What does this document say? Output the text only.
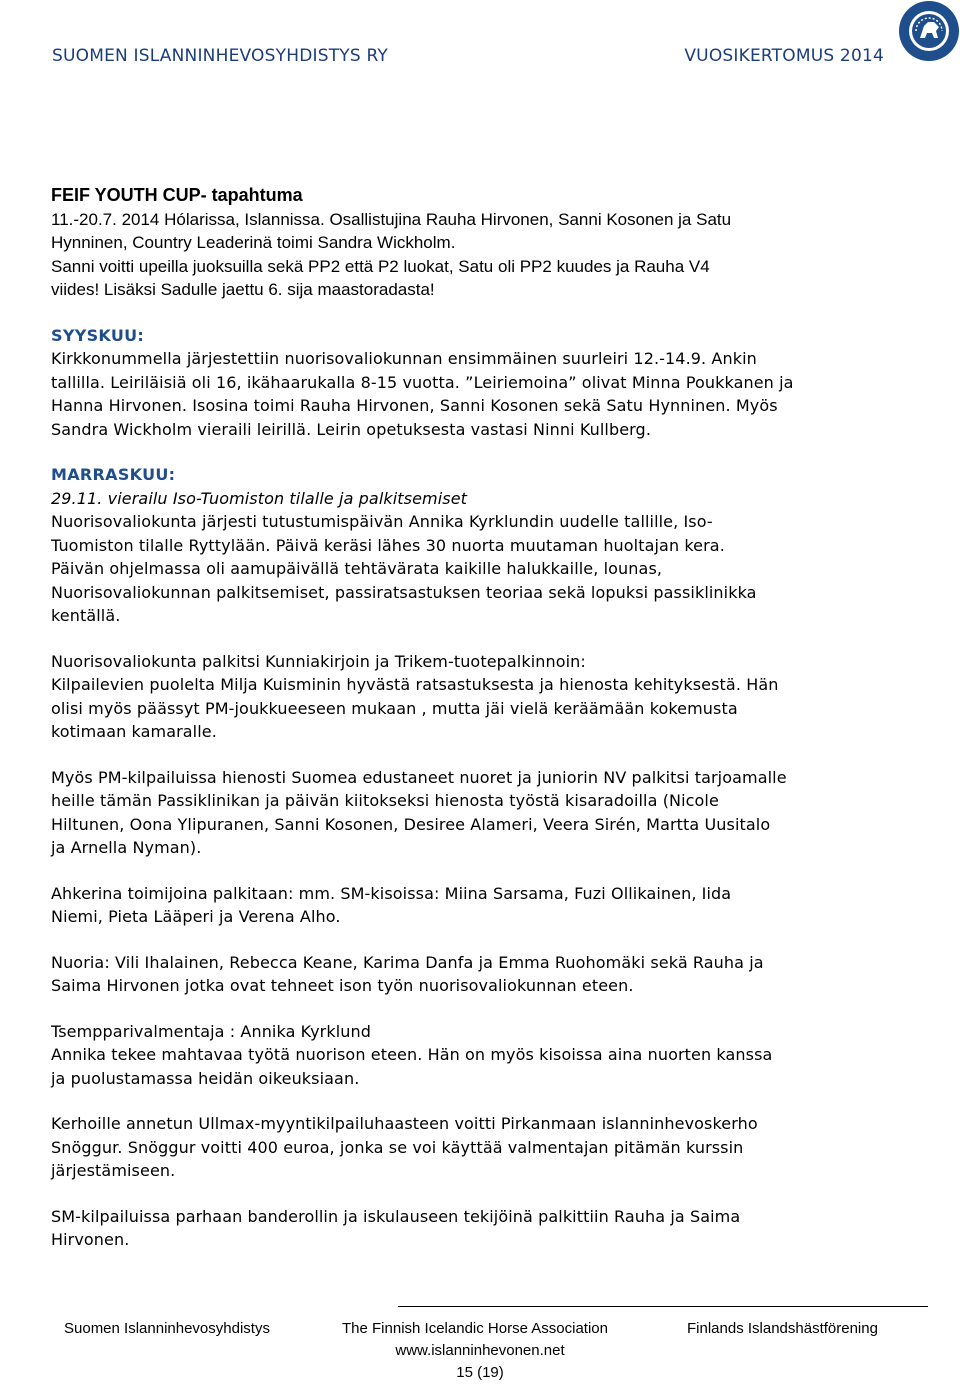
SUOMEN ISLANNINHEVOSYHDISTYS RY	VUOSIKERTOMUS 2014

FEIF YOUTH CUP- tapahtuma

11.-20.7. 2014 Hólarissa, Islannissa. Osallistujina Rauha Hirvonen, Sanni Kosonen ja Satu

Hynninen, Country Leaderinä toimi Sandra Wickholm.

Sanni voitti upeilla juoksuilla sekä PP2 että P2 luokat, Satu oli PP2 kuudes ja Rauha V4

viides! Lisäksi Sadulle jaettu 6. sija maastoradasta!

SYYSKUU:

Kirkkonummella järjestettiin nuorisovaliokunnan ensimmäinen suurleiri 12.-14.9. Ankin

tallilla. Leiriläisiä oli 16, ikähaarukalla 8-15 vuotta. ”Leiriemoina” olivat Minna Poukkanen ja

Hanna Hirvonen. Isosina toimi Rauha Hirvonen, Sanni Kosonen sekä Satu Hynninen. Myös

Sandra Wickholm vieraili leirillä. Leirin opetuksesta vastasi Ninni Kullberg.

MARRASKUU:

29.11. vierailu Iso-Tuomiston tilalle ja palkitsemiset

Nuorisovaliokunta järjesti tutustumispäivän Annika Kyrklundin uudelle tallille, Iso-

Tuomiston tilalle Ryttylään. Päivä keräsi lähes 30 nuorta muutaman huoltajan kera.

Päivän ohjelmassa oli aamupäivällä tehtävärata kaikille halukkaille, lounas,

Nuorisovaliokunnan palkitsemiset, passiratsastuksen teoriaa sekä lopuksi passiklinikka

kentällä.

Nuorisovaliokunta palkitsi Kunniakirjoin ja Trikem-tuotepalkinnoin:

Kilpailevien puolelta Milja Kuisminin hyvästä ratsastuksesta ja hienosta kehityksestä. Hän

olisi myös päässyt PM-joukkueeseen mukaan , mutta jäi vielä keräämään kokemusta

kotimaan kamaralle.

Myös PM-kilpailuissa hienosti Suomea edustaneet nuoret ja juniorin NV palkitsi tarjoamalle

heille tämän Passiklinikan ja päivän kiitokseksi hienosta työstä kisaradoilla (Nicole

Hiltunen, Oona Ylipuranen, Sanni Kosonen, Desiree Alameri, Veera Sirén, Martta Uusitalo

ja Arnella Nyman).

Ahkerina toimijoina palkitaan: mm. SM-kisoissa: Miina Sarsama, Fuzi Ollikainen, Iida

Niemi, Pieta Lääperi ja Verena Alho.

Nuoria: Vili Ihalainen, Rebecca Keane, Karima Danfa ja Emma Ruohomäki sekä Rauha ja

Saima Hirvonen jotka ovat tehneet ison työn nuorisovaliokunnan eteen.

Tsempparivalmentaja : Annika Kyrklund

Annika tekee mahtavaa työtä nuorison eteen. Hän on myös kisoissa aina nuorten kanssa

ja puolustamassa heidän oikeuksiaan.

Kerhoille annetun Ullmax-myyntikilpailuhaasteen voitti Pirkanmaan islanninhevoskerho

Snöggur. Snöggur voitti 400 euroa, jonka se voi käyttää valmentajan pitämän kurssin

järjestämiseen.

SM-kilpailuissa parhaan banderollin ja iskulauseen tekijöinä palkittiin Rauha ja Saima

Hirvonen.

Suomen Islanninhevosyhdistys	The Finnish Icelandic Horse Association	Finlands Islandshästförening
www.islanninhevonen.net
15 (19)
